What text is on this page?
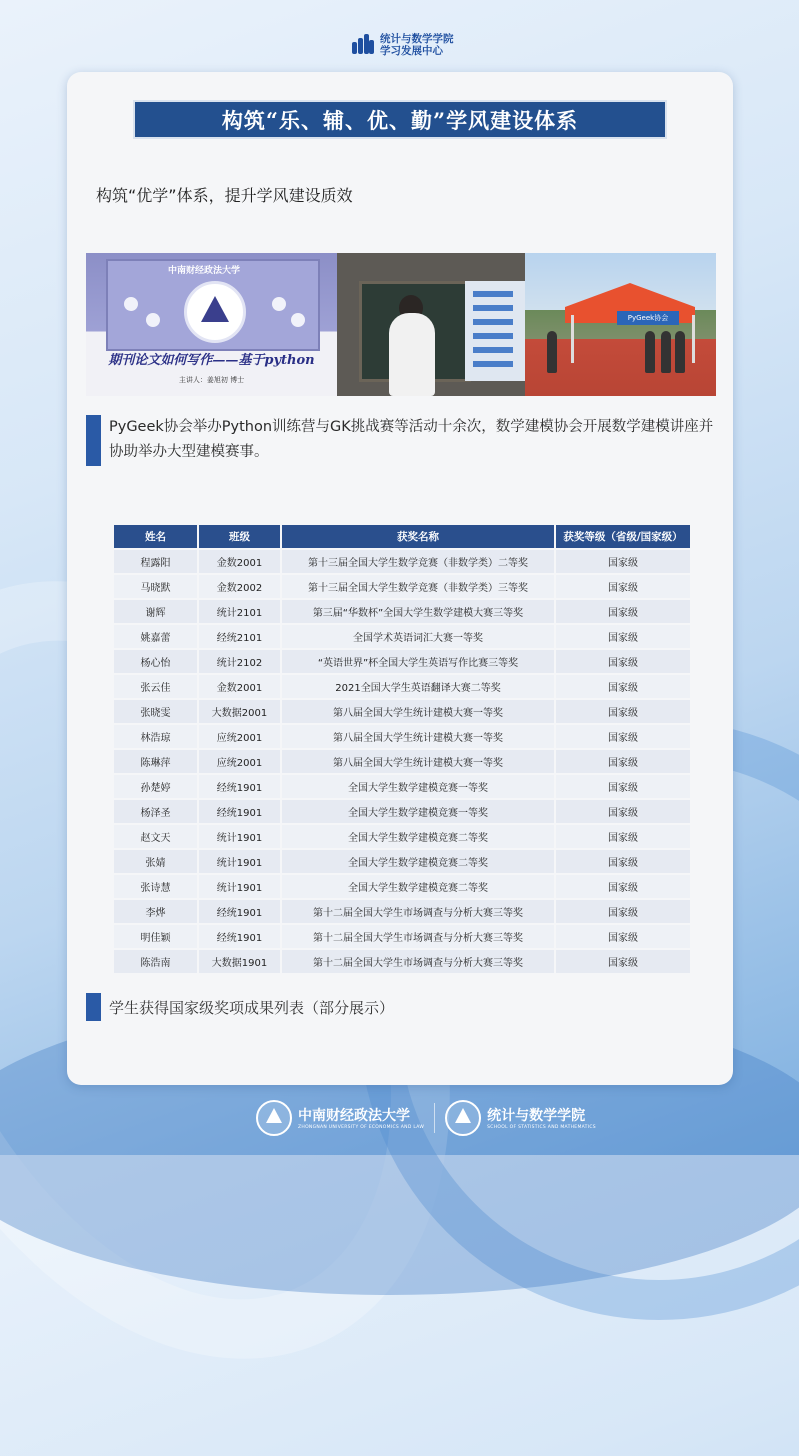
统计与数学学院
学习发展中心
构筑“乐、辅、优、勤”学风建设体系
构筑“优学”体系，提升学风建设质效
中南财经政法大学
期刊论文如何写作——基于python
主讲人：姜旭初 博士
PyGeek协会

PyGeek协会举办Python训练营与GK挑战赛等活动十余次，数学建模协会开展数学建模讲座并协助举办大型建模赛事。

姓名	班级	获奖名称	获奖等级（省级/国家级）
程露阳	金数2001	第十三届全国大学生数学竞赛（非数学类）二等奖	国家级
马晓默	金数2002	第十三届全国大学生数学竞赛（非数学类）三等奖	国家级
谢辉	统计2101	第三届“华数杯”全国大学生数学建模大赛三等奖	国家级
姚嘉蕾	经统2101	全国学术英语词汇大赛一等奖	国家级
杨心怡	统计2102	“英语世界”杯全国大学生英语写作比赛三等奖	国家级
张云佳	金数2001	2021全国大学生英语翻译大赛二等奖	国家级
张晓雯	大数据2001	第八届全国大学生统计建模大赛一等奖	国家级
林浩琼	应统2001	第八届全国大学生统计建模大赛一等奖	国家级
陈琳萍	应统2001	第八届全国大学生统计建模大赛一等奖	国家级
孙楚婷	经统1901	全国大学生数学建模竞赛一等奖	国家级
杨泽圣	经统1901	全国大学生数学建模竞赛一等奖	国家级
赵文天	统计1901	全国大学生数学建模竞赛二等奖	国家级
张婧	统计1901	全国大学生数学建模竞赛二等奖	国家级
张诗慧	统计1901	全国大学生数学建模竞赛二等奖	国家级
李烨	经统1901	第十二届全国大学生市场调查与分析大赛三等奖	国家级
明佳颖	经统1901	第十二届全国大学生市场调查与分析大赛三等奖	国家级
陈浩南	大数据1901	第十二届全国大学生市场调查与分析大赛三等奖	国家级
学生获得国家级奖项成果列表（部分展示）
中南财经政法大学
ZHONGNAN UNIVERSITY OF ECONOMICS AND LAW
统计与数学学院
SCHOOL OF STATISTICS AND MATHEMATICS
